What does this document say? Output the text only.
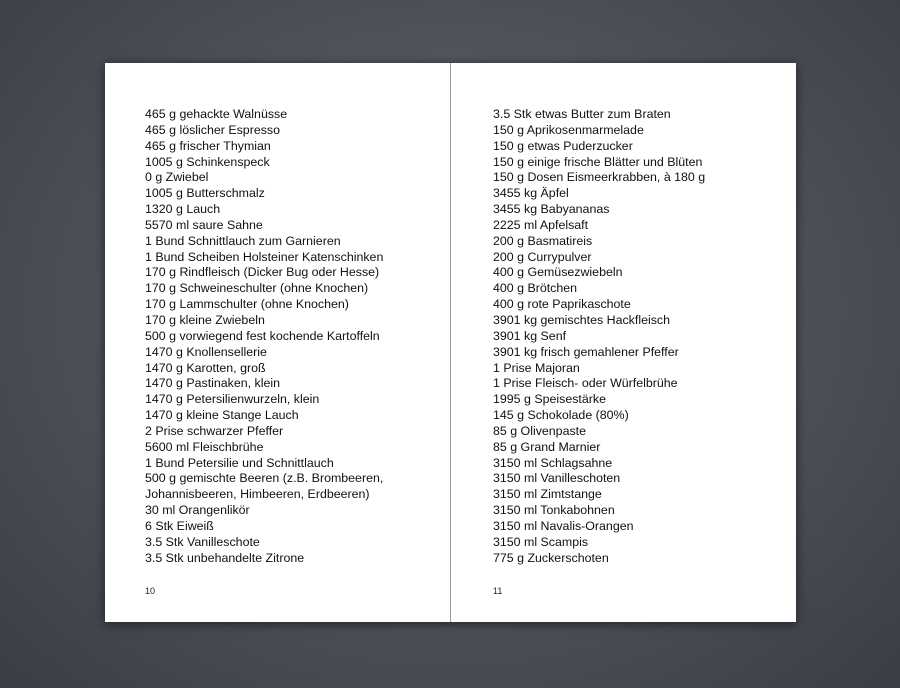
465 g gehackte Walnüsse
465 g löslicher Espresso
465 g frischer Thymian
1005 g Schinkenspeck
0 g Zwiebel
1005 g Butterschmalz
1320 g Lauch
5570 ml saure Sahne
1 Bund Schnittlauch zum Garnieren
1 Bund Scheiben Holsteiner Katenschinken
170 g Rindfleisch (Dicker Bug oder Hesse)
170 g Schweineschulter (ohne Knochen)
170 g Lammschulter (ohne Knochen)
170 g kleine Zwiebeln
500 g vorwiegend fest kochende Kartoffeln
1470 g Knollensellerie
1470 g Karotten, groß
1470 g Pastinaken, klein
1470 g Petersilienwurzeln, klein
1470 g kleine Stange Lauch
2 Prise schwarzer Pfeffer
5600 ml Fleischbrühe
1 Bund Petersilie und Schnittlauch
500 g gemischte Beeren (z.B. Brombeeren,
Johannisbeeren, Himbeeren, Erdbeeren)
30 ml Orangenlikör
6 Stk Eiweiß
3.5 Stk Vanilleschote
3.5 Stk unbehandelte Zitrone
10
3.5 Stk etwas Butter zum Braten
150 g Aprikosenmarmelade
150 g etwas Puderzucker
150 g einige frische Blätter und Blüten
150 g Dosen Eismeerkrabben, à 180 g
3455 kg Äpfel
3455 kg Babyananas
2225 ml Apfelsaft
200 g Basmatireis
200 g Currypulver
400 g Gemüsezwiebeln
400 g Brötchen
400 g rote Paprikaschote
3901 kg gemischtes Hackfleisch
3901 kg Senf
3901 kg frisch gemahlener Pfeffer
1 Prise Majoran
1 Prise Fleisch- oder Würfelbrühe
1995 g Speisestärke
145 g Schokolade (80%)
85 g Olivenpaste
85 g Grand Marnier
3150 ml Schlagsahne
3150 ml Vanilleschoten
3150 ml Zimtstange
3150 ml Tonkabohnen
3150 ml Navalis-Orangen
3150 ml Scampis
775 g Zuckerschoten
11
